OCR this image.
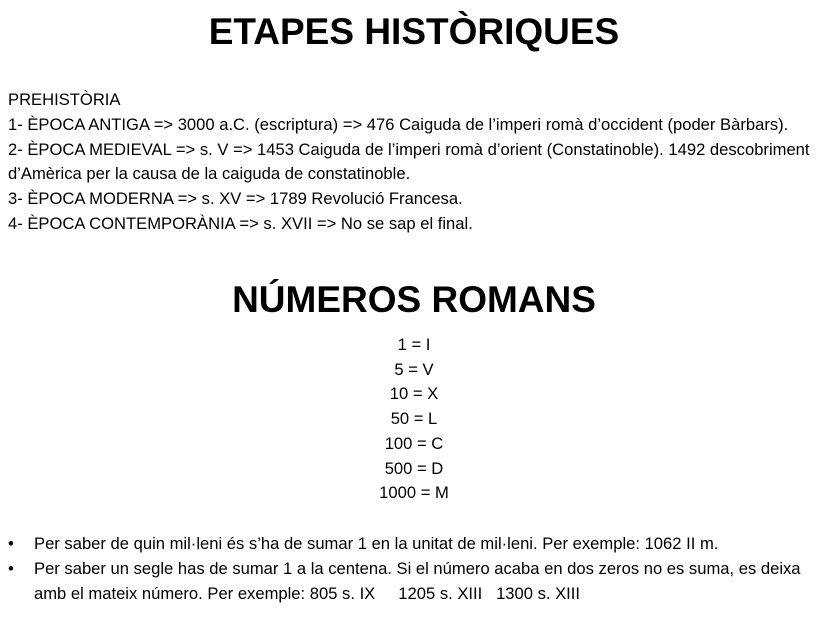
ETAPES HISTÒRIQUES

PREHISTÒRIA

1- ÈPOCA ANTIGA => 3000 a.C. (escriptura) => 476 Caiguda de l’imperi romà d’occident (poder Bàrbars).

2- ÈPOCA MEDIEVAL => s. V => 1453 Caiguda de l’imperi romà d’orient (Constatinoble). 1492 descobriment d’Amèrica per la causa de la caiguda de constatinoble.

3- ÈPOCA MODERNA => s. XV => 1789 Revolució Francesa.

4- ÈPOCA CONTEMPORÀNIA => s. XVII => No se sap el final.

NÚMEROS ROMANS
1 = I
5 = V
10 = X
50 = L
100 = C
500 = D
1000 = M
• Per saber de quin mil·leni és s’ha de sumar 1 en la unitat de mil·leni. Per exemple: 1062 II m.
• Per saber un segle has de sumar 1 a la centena. Si el número acaba en dos zeros no es suma, es deixa amb el mateix número. Per exemple: 805 s. IX     1205 s. XIII   1300 s. XIII
